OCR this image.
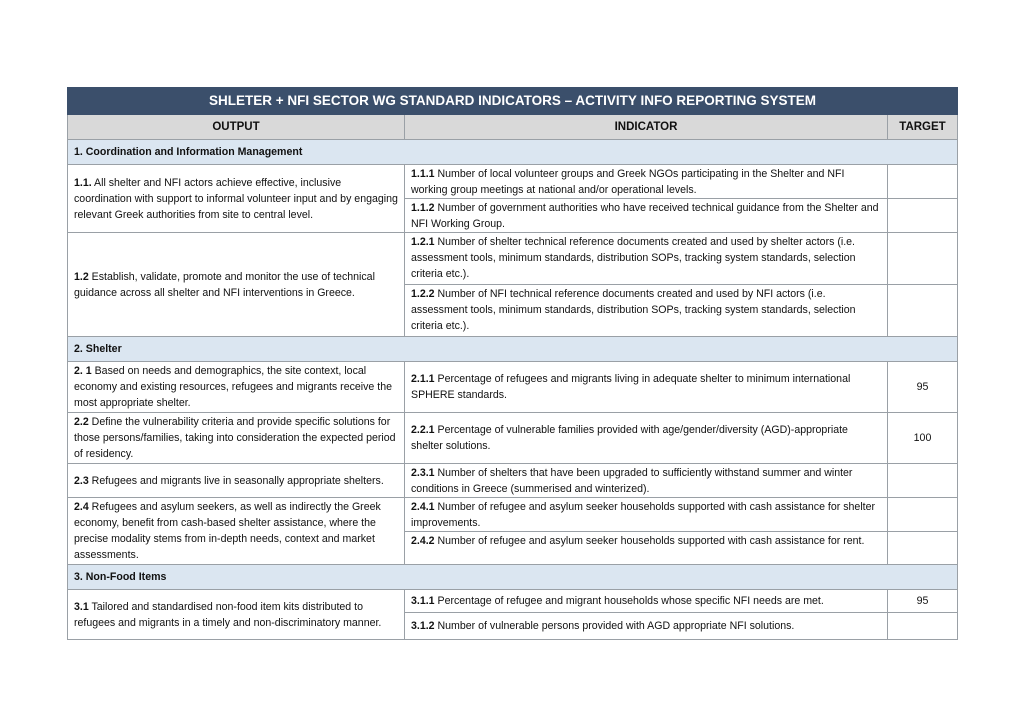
SHLETER + NFI SECTOR WG STANDARD INDICATORS – ACTIVITY INFO REPORTING SYSTEM		
OUTPUT	INDICATOR	TARGET
1. Coordination and Information Management		
1.1. All shelter and NFI actors achieve effective, inclusive coordination with support to informal volunteer input and by engaging relevant Greek authorities from site to central level.	1.1.1 Number of local volunteer groups and Greek NGOs participating in the Shelter and NFI working group meetings at national and/or operational levels.	
	1.1.2 Number of government authorities who have received technical guidance from the Shelter and NFI Working Group.	
1.2 Establish, validate, promote and monitor the use of technical guidance across all shelter and NFI interventions in Greece.	1.2.1 Number of shelter technical reference documents created and used by shelter actors (i.e. assessment tools, minimum standards, distribution SOPs, tracking system standards, selection criteria etc.).	
	1.2.2 Number of NFI technical reference documents created and used by NFI actors (i.e. assessment tools, minimum standards, distribution SOPs, tracking system standards, selection criteria etc.).	
2. Shelter		
2. 1 Based on needs and demographics, the site context, local economy and existing resources, refugees and migrants receive the most appropriate shelter.	2.1.1 Percentage of refugees and migrants living in adequate shelter to minimum international SPHERE standards.	95
2.2 Define the vulnerability criteria and provide specific solutions for those persons/families, taking into consideration the expected period of residency.	2.2.1 Percentage of vulnerable families provided with age/gender/diversity (AGD)-appropriate shelter solutions.	100
2.3 Refugees and migrants live in seasonally appropriate shelters.	2.3.1 Number of shelters that have been upgraded to sufficiently withstand summer and winter conditions in Greece (summerised and winterized).	
2.4 Refugees and asylum seekers, as well as indirectly the Greek economy, benefit from cash-based shelter assistance, where the precise modality stems from in-depth needs, context and market assessments.	2.4.1 Number of refugee and asylum seeker households supported with cash assistance for shelter improvements.	
	2.4.2 Number of refugee and asylum seeker households supported with cash assistance for rent.	
3. Non-Food Items		
3.1 Tailored and standardised non-food item kits distributed to refugees and migrants in a timely and non-discriminatory manner.	3.1.1 Percentage of refugee and migrant households whose specific NFI needs are met.	95
	3.1.2 Number of vulnerable persons provided with AGD appropriate NFI solutions.	
